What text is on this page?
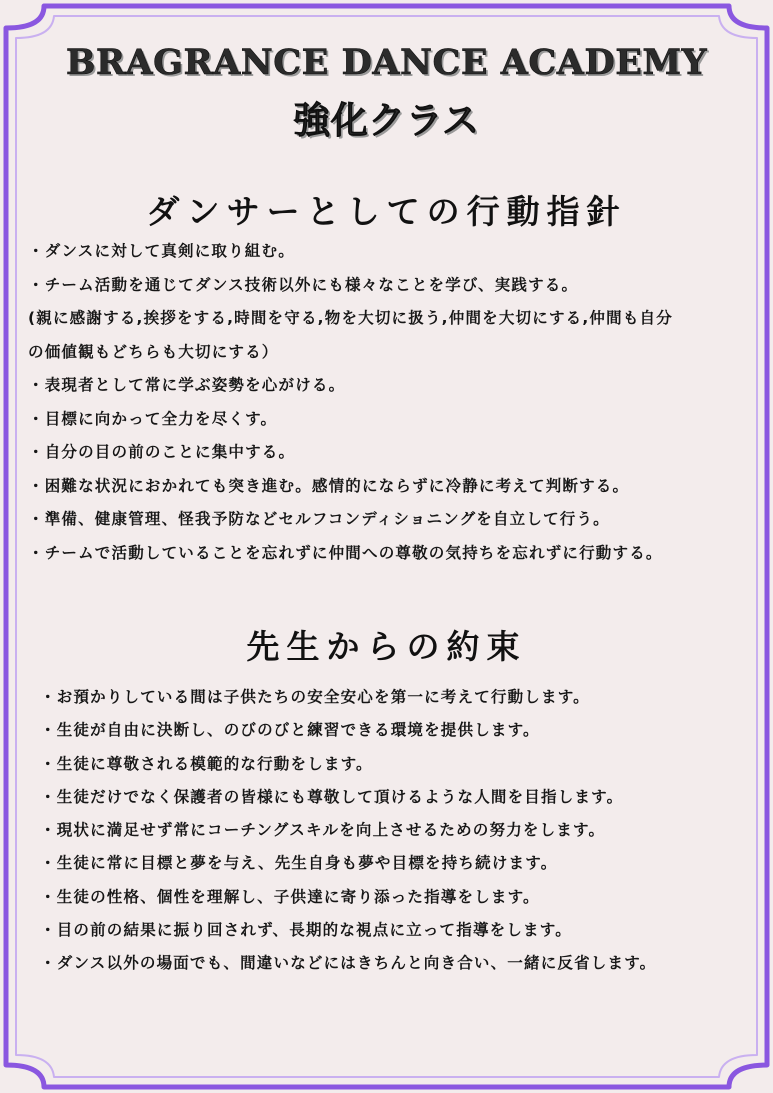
BRAGRANCE DANCE ACADEMY
強化クラス
ダンサーとしての行動指針
・ダンスに対して真剣に取り組む。
・チーム活動を通じてダンス技術以外にも様々なことを学び、実践する。
(親に感謝する,挨拶をする,時間を守る,物を大切に扱う,仲間を大切にする,仲間も自分
の価値観もどちらも大切にする）
・表現者として常に学ぶ姿勢を心がける。
・目標に向かって全力を尽くす。
・自分の目の前のことに集中する。
・困難な状況におかれても突き進む。感情的にならずに冷静に考えて判断する。
・準備、健康管理、怪我予防などセルフコンディショニングを自立して行う。
・チームで活動していることを忘れずに仲間への尊敬の気持ちを忘れずに行動する。
先生からの約束
・お預かりしている間は子供たちの安全安心を第一に考えて行動します。
・生徒が自由に決断し、のびのびと練習できる環境を提供します。
・生徒に尊敬される模範的な行動をします。
・生徒だけでなく保護者の皆様にも尊敬して頂けるような人間を目指します。
・現状に満足せず常にコーチングスキルを向上させるための努力をします。
・生徒に常に目標と夢を与え、先生自身も夢や目標を持ち続けます。
・生徒の性格、個性を理解し、子供達に寄り添った指導をします。
・目の前の結果に振り回されず、長期的な視点に立って指導をします。
・ダンス以外の場面でも、間違いなどにはきちんと向き合い、一緒に反省します。
